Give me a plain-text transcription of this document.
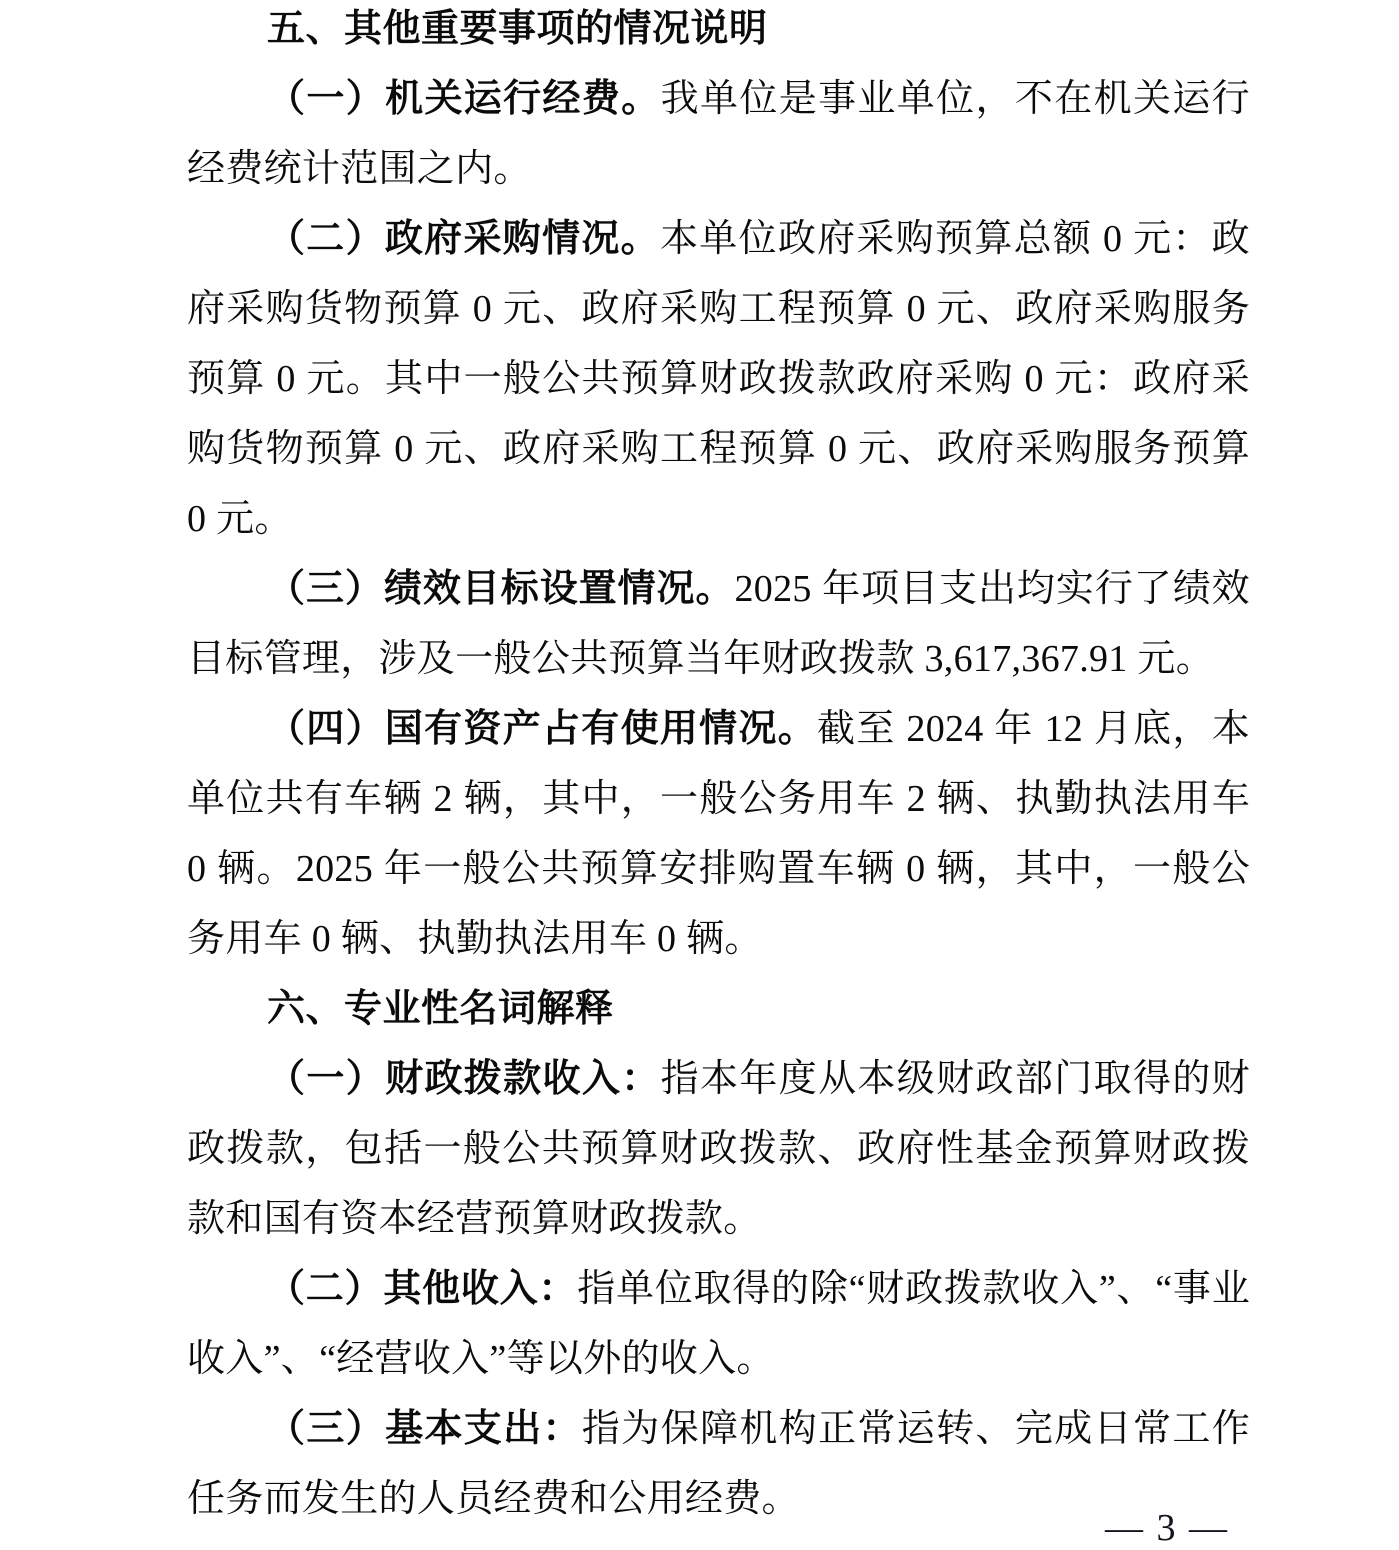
五、其他重要事项的情况说明

（一）机关运行经费。我单位是事业单位，不在机关运行经费统计范围之内。

（二）政府采购情况。本单位政府采购预算总额 0 元：政府采购货物预算 0 元、政府采购工程预算 0 元、政府采购服务预算 0 元。其中一般公共预算财政拨款政府采购 0 元：政府采购货物预算 0 元、政府采购工程预算 0 元、政府采购服务预算 0 元。

（三）绩效目标设置情况。2025 年项目支出均实行了绩效目标管理，涉及一般公共预算当年财政拨款 3,617,367.91 元。

（四）国有资产占有使用情况。截至 2024 年 12 月底，本单位共有车辆 2 辆，其中，一般公务用车 2 辆、执勤执法用车 0 辆。2025 年一般公共预算安排购置车辆 0 辆，其中，一般公务用车 0 辆、执勤执法用车 0 辆。

六、专业性名词解释

（一）财政拨款收入：指本年度从本级财政部门取得的财政拨款，包括一般公共预算财政拨款、政府性基金预算财政拨款和国有资本经营预算财政拨款。

（二）其他收入：指单位取得的除“财政拨款收入”、“事业收入”、“经营收入”等以外的收入。

（三）基本支出：指为保障机构正常运转、完成日常工作任务而发生的人员经费和公用经费。

— 3 —
